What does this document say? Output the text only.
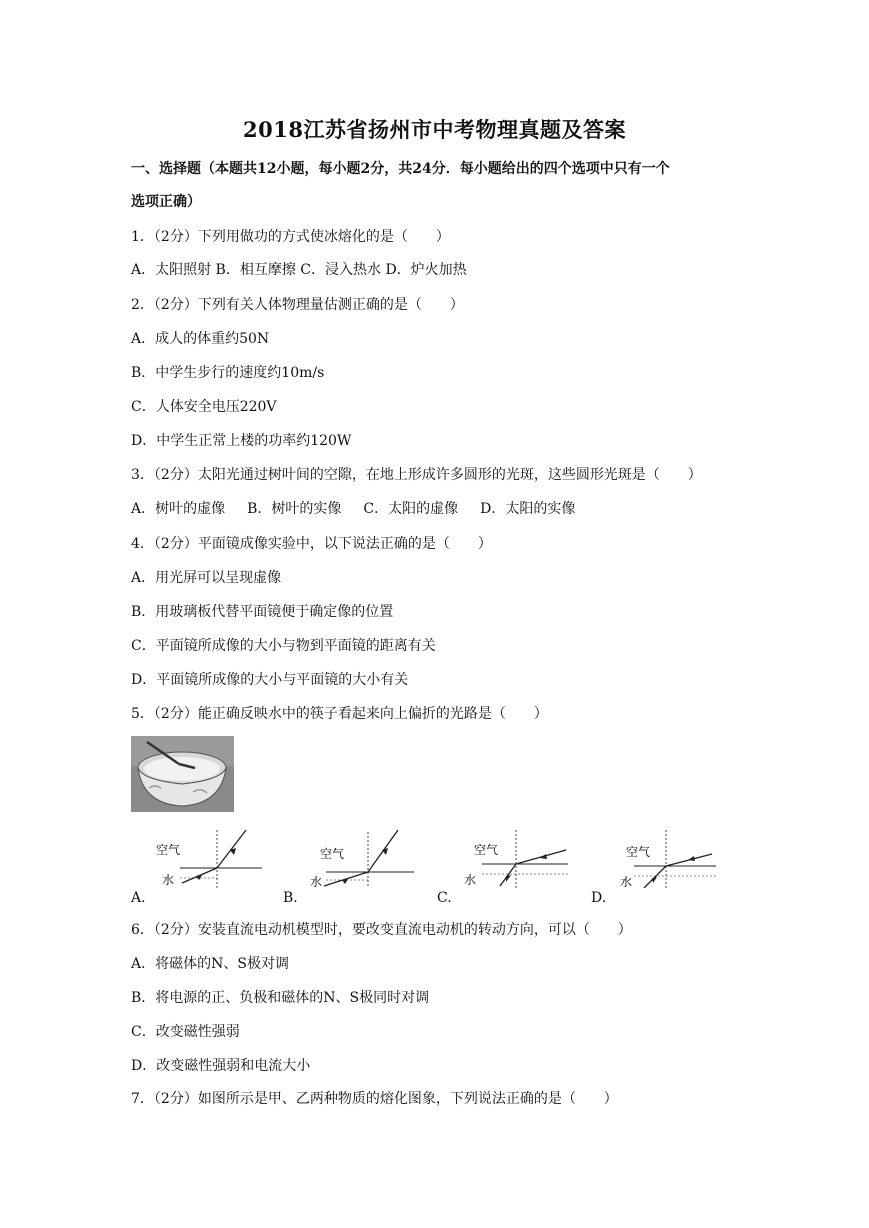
2018江苏省扬州市中考物理真题及答案
一、选择题（本题共12小题，每小题2分，共24分．每小题给出的四个选项中只有一个
选项正确）
1．（2分）下列用做功的方式使冰熔化的是（　　）
A．太阳照射 B．相互摩擦 C．浸入热水 D．炉火加热
2．（2分）下列有关人体物理量估测正确的是（　　）
A．成人的体重约50N
B．中学生步行的速度约10m/s
C．人体安全电压220V
D．中学生正常上楼的功率约120W
3．（2分）太阳光通过树叶间的空隙，在地上形成许多圆形的光斑，这些圆形光斑是（　　）
A．树叶的虚像 B．树叶的实像 C．太阳的虚像 D．太阳的实像
4．（2分）平面镜成像实验中，以下说法正确的是（　　）
A．用光屏可以呈现虚像
B．用玻璃板代替平面镜便于确定像的位置
C．平面镜所成像的大小与物到平面镜的距离有关
D．平面镜所成像的大小与平面镜的大小有关
5．（2分）能正确反映水中的筷子看起来向上偏折的光路是（　　）
空气
水
A.
空气
水
B.
空气
水
C.
空气
水
D.
6．（2分）安装直流电动机模型时，要改变直流电动机的转动方向，可以（　　）
A．将磁体的N、S极对调
B．将电源的正、负极和磁体的N、S极同时对调
C．改变磁性强弱
D．改变磁性强弱和电流大小
7．（2分）如图所示是甲、乙两种物质的熔化图象，下列说法正确的是（　　）
